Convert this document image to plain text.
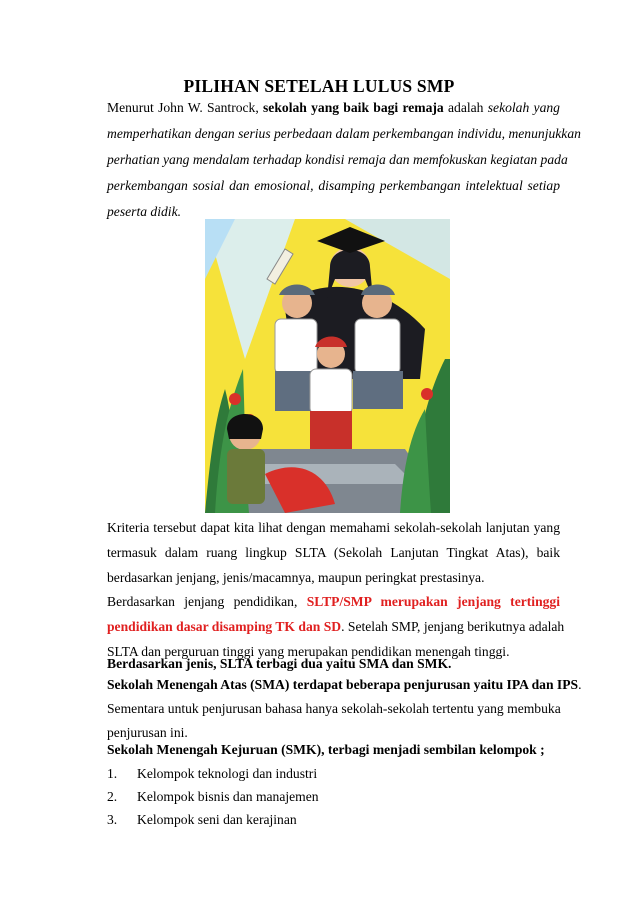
PILIHAN SETELAH LULUS SMP
Menurut John W. Santrock, sekolah yang baik bagi remaja adalah sekolah yang
memperhatikan dengan serius perbedaan dalam perkembangan individu, menunjukkan
perhatian yang mendalam terhadap kondisi remaja dan memfokuskan kegiatan pada
perkembangan sosial dan emosional, disamping perkembangan intelektual setiap
peserta didik.
Kriteria tersebut dapat kita lihat dengan memahami sekolah-sekolah lanjutan yang
termasuk dalam ruang lingkup SLTA (Sekolah Lanjutan Tingkat Atas), baik
berdasarkan jenjang, jenis/macamnya, maupun peringkat prestasinya.
Berdasarkan jenjang pendidikan, SLTP/SMP merupakan jenjang tertinggi
pendidikan dasar disamping TK dan SD. Setelah SMP, jenjang berikutnya adalah
SLTA dan perguruan tinggi yang merupakan pendidikan menengah tinggi.
Berdasarkan jenis, SLTA terbagi dua yaitu SMA dan SMK.
Sekolah Menengah Atas (SMA) terdapat beberapa penjurusan yaitu IPA dan IPS.
Sementara untuk penjurusan bahasa hanya sekolah-sekolah tertentu yang membuka
penjurusan ini.
Sekolah Menengah Kejuruan (SMK), terbagi menjadi sembilan kelompok ;
1. Kelompok teknologi dan industri
2. Kelompok bisnis dan manajemen
3. Kelompok seni dan kerajinan
